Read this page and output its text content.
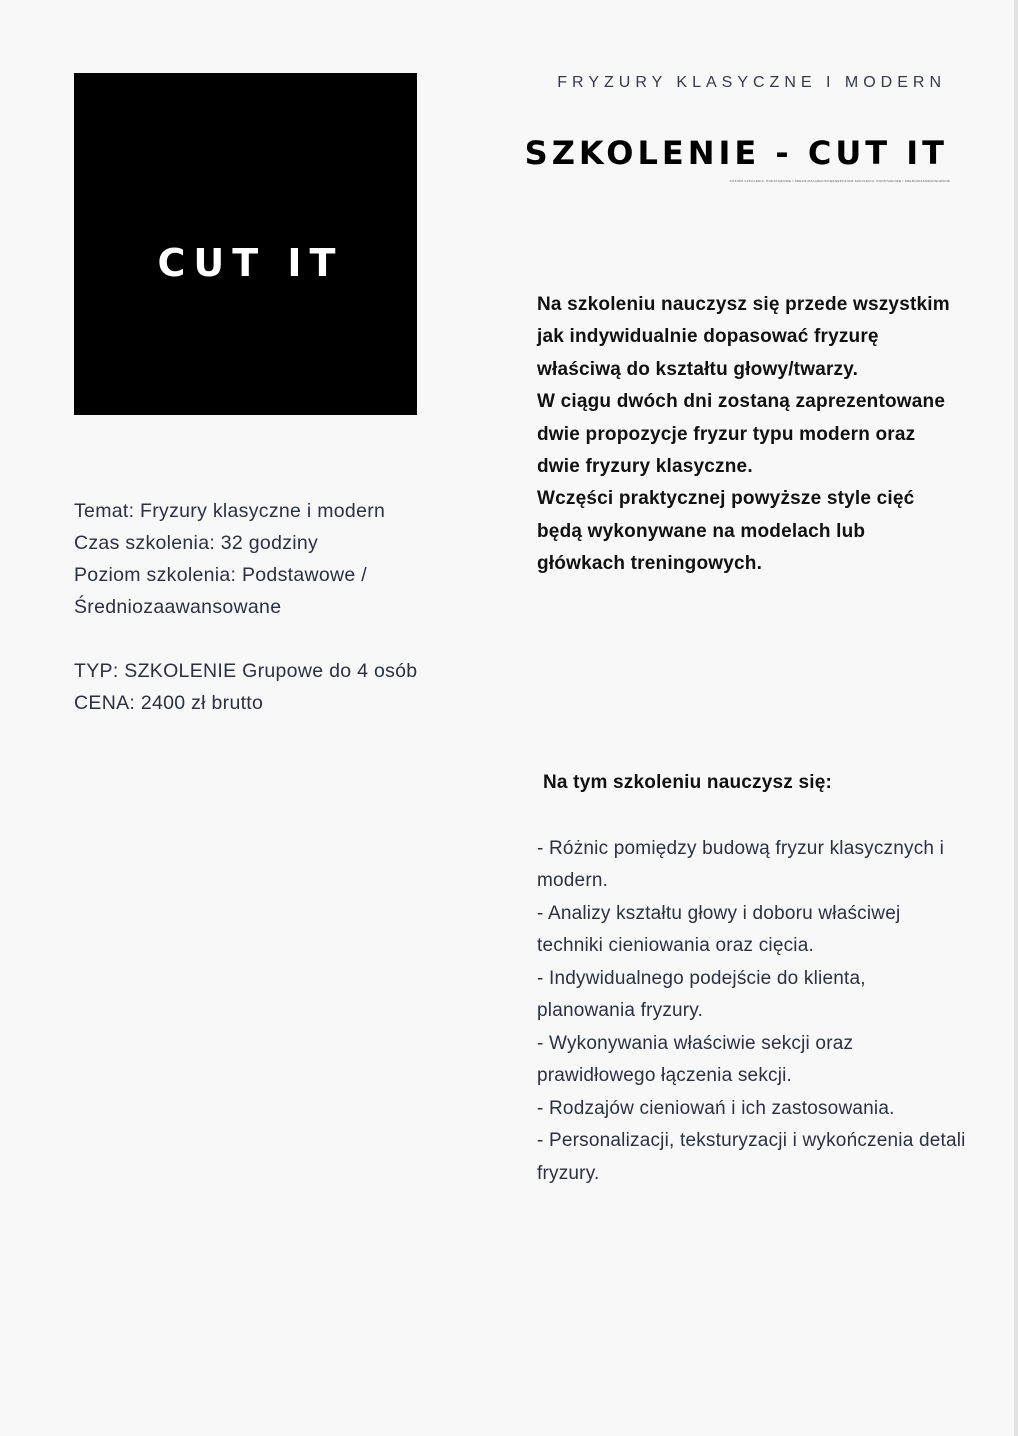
CUT IT
FRYZURY KLASYCZNE I MODERN
SZKOLENIE - CUT IT
POZIOM SZKOLENIA: PODSTAWOWE / ŚREDNIOZAAWANSOWANEPOZIOM SZKOLENIA: PODSTAWOWE / ŚREDNIOZAAWANSOWANE
Temat: Fryzury klasyczne i modern
Czas szkolenia: 32 godziny
Poziom szkolenia: Podstawowe /
Średniozaawansowane
TYP: SZKOLENIE Grupowe do 4 osób
CENA: 2400 zł brutto
Na szkoleniu nauczysz się przede wszystkim jak indywidualnie dopasować fryzurę właściwą do kształtu głowy/twarzy.
W ciągu dwóch dni zostaną zaprezentowane dwie propozycje fryzur typu modern oraz dwie fryzury klasyczne.
Wczęści praktycznej powyższe style cięć będą wykonywane na modelach lub główkach treningowych.
Na tym szkoleniu nauczysz się:
- Różnic pomiędzy budową fryzur klasycznych i modern.
- Analizy kształtu głowy i doboru właściwej techniki cieniowania oraz cięcia.
- Indywidualnego podejście do klienta, planowania fryzury.
- Wykonywania właściwie sekcji oraz prawidłowego łączenia sekcji.
- Rodzajów cieniowań i ich zastosowania.
- Personalizacji, teksturyzacji i wykończenia detali fryzury.
